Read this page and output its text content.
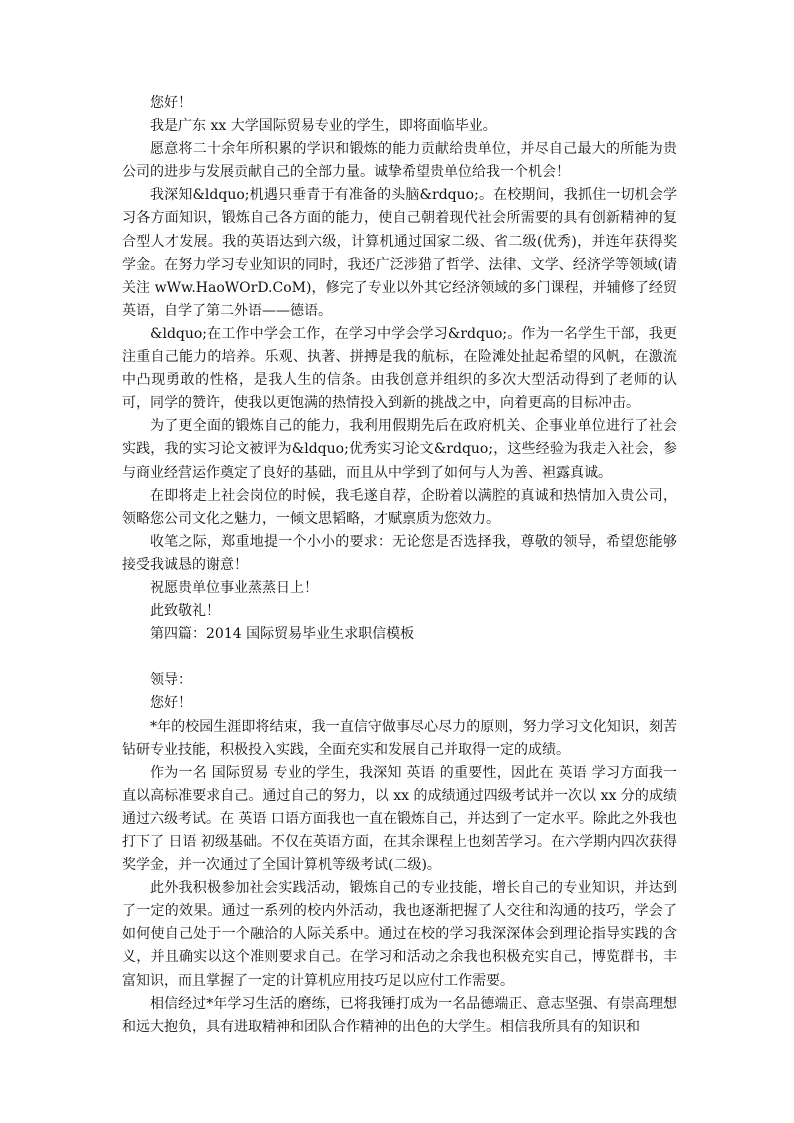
您好！

我是广东 xx 大学国际贸易专业的学生，即将面临毕业。

愿意将二十余年所积累的学识和锻炼的能力贡献给贵单位，并尽自己最大的所能为贵公司的进步与发展贡献自己的全部力量。诚挚希望贵单位给我一个机会！

我深知&ldquo;机遇只垂青于有准备的头脑&rdquo;。在校期间，我抓住一切机会学习各方面知识，锻炼自己各方面的能力，使自己朝着现代社会所需要的具有创新精神的复合型人才发展。我的英语达到六级，计算机通过国家二级、省二级(优秀)，并连年获得奖学金。在努力学习专业知识的同时，我还广泛涉猎了哲学、法律、文学、经济学等领域(请关注 wWw.HaoWOrD.CoM)，修完了专业以外其它经济领域的多门课程，并辅修了经贸英语，自学了第二外语——德语。

&ldquo;在工作中学会工作，在学习中学会学习&rdquo;。作为一名学生干部，我更注重自己能力的培养。乐观、执著、拼搏是我的航标，在险滩处扯起希望的风帆，在激流中凸现勇敢的性格，是我人生的信条。由我创意并组织的多次大型活动得到了老师的认可，同学的赞许，使我以更饱满的热情投入到新的挑战之中，向着更高的目标冲击。

为了更全面的锻炼自己的能力，我利用假期先后在政府机关、企事业单位进行了社会实践，我的实习论文被评为&ldquo;优秀实习论文&rdquo;，这些经验为我走入社会，参与商业经营运作奠定了良好的基础，而且从中学到了如何与人为善、袒露真诚。

在即将走上社会岗位的时候，我毛遂自荐，企盼着以满腔的真诚和热情加入贵公司，领略您公司文化之魅力，一倾文思韬略，才赋禀质为您效力。

收笔之际，郑重地提一个小小的要求：无论您是否选择我，尊敬的领导，希望您能够接受我诚恳的谢意！

祝愿贵单位事业蒸蒸日上！

此致敬礼！

第四篇：2014 国际贸易毕业生求职信模板

领导：

您好！

*年的校园生涯即将结束，我一直信守做事尽心尽力的原则，努力学习文化知识，刻苦钻研专业技能，积极投入实践，全面充实和发展自己并取得一定的成绩。

作为一名 国际贸易 专业的学生，我深知 英语 的重要性，因此在 英语 学习方面我一直以高标准要求自己。通过自己的努力，以 xx 的成绩通过四级考试并一次以 xx 分的成绩通过六级考试。在 英语 口语方面我也一直在锻炼自己，并达到了一定水平。除此之外我也打下了 日语 初级基础。不仅在英语方面，在其余课程上也刻苦学习。在六学期内四次获得奖学金，并一次通过了全国计算机等级考试(二级)。

此外我积极参加社会实践活动，锻炼自己的专业技能，增长自己的专业知识，并达到了一定的效果。通过一系列的校内外活动，我也逐渐把握了人交往和沟通的技巧，学会了如何使自己处于一个融洽的人际关系中。通过在校的学习我深深体会到理论指导实践的含义，并且确实以这个准则要求自己。在学习和活动之余我也积极充实自己，博览群书，丰富知识，而且掌握了一定的计算机应用技巧足以应付工作需要。

相信经过*年学习生活的磨练，已将我锤打成为一名品德端正、意志坚强、有崇高理想和远大抱负，具有进取精神和团队合作精神的出色的大学生。相信我所具有的知识和
